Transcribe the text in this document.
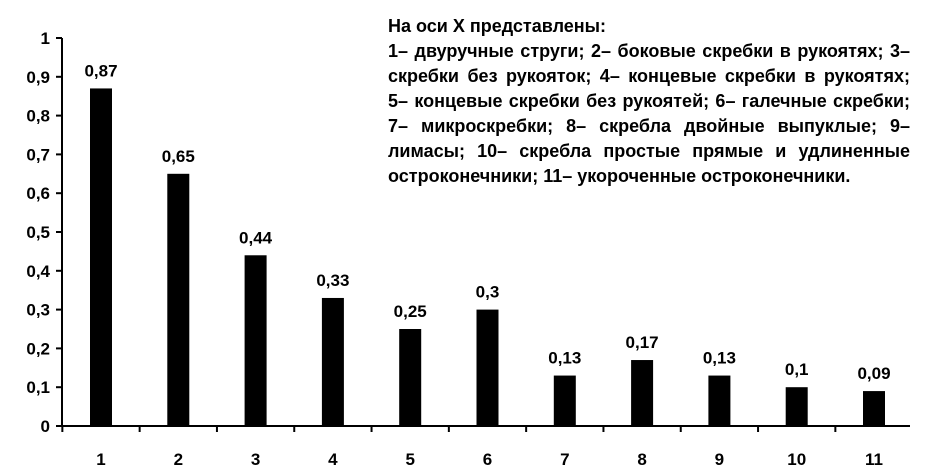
0
0,1
0,2
0,3
0,4
0,5
0,6
0,7
0,8
0,9
1
0,87
0,65
0,44
0,33
0,25
0,3
0,13
0,17
0,13
0,1	0,09
1	2	3	4	5	6	7	8	9	10	11
На оси X представлены:
1– двуручные струги; 2– боковые скребки в рукоятях; 3– скребки без рукояток; 4– концевые скребки в рукоятях; 5– концевые скребки без рукоятей; 6– галечные скребки; 7– микроскребки; 8– скребла двойные выпуклые; 9– лимасы; 10– скребла простые прямые и удлиненные остроконечники; 11– укороченные остроконечники.
